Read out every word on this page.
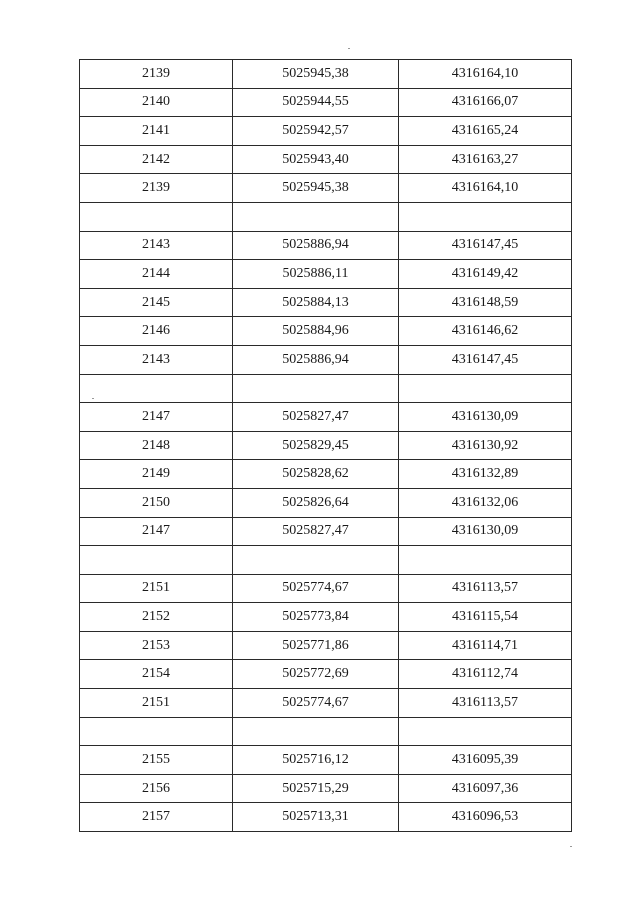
2139	5025945,38	4316164,10
2140	5025944,55	4316166,07
2141	5025942,57	4316165,24
2142	5025943,40	4316163,27
2139	5025945,38	4316164,10

2143	5025886,94	4316147,45
2144	5025886,11	4316149,42
2145	5025884,13	4316148,59
2146	5025884,96	4316146,62
2143	5025886,94	4316147,45

2147	5025827,47	4316130,09
2148	5025829,45	4316130,92
2149	5025828,62	4316132,89
2150	5025826,64	4316132,06
2147	5025827,47	4316130,09

2151	5025774,67	4316113,57
2152	5025773,84	4316115,54
2153	5025771,86	4316114,71
2154	5025772,69	4316112,74
2151	5025774,67	4316113,57

2155	5025716,12	4316095,39
2156	5025715,29	4316097,36
2157	5025713,31	4316096,53
